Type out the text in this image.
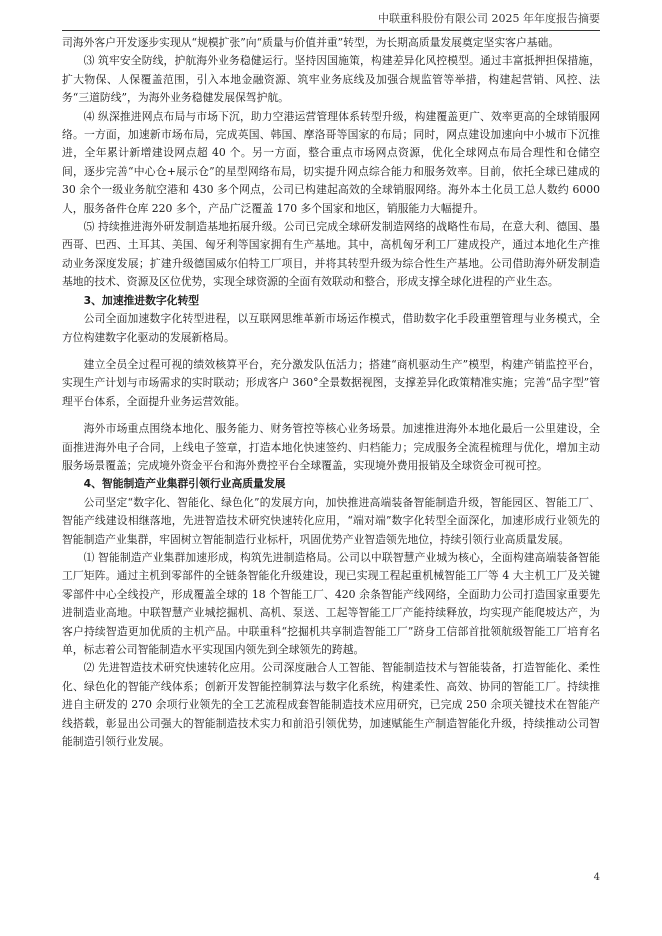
中联重科股份有限公司 2025 年年度报告摘要

司海外客户开发逐步实现从“规模扩张”向“质量与价值并重”转型，为长期高质量发展奠定坚实客户基础。

⑶ 筑牢安全防线，护航海外业务稳健运行。坚持因国施策，构建差异化风控模型。通过丰富抵押担保措施，扩大物保、人保覆盖范围，引入本地金融资源、筑牢业务底线及加强合规监管等举措，构建起营销、风控、法务“三道防线”，为海外业务稳健发展保驾护航。

⑷ 纵深推进网点布局与市场下沉，助力空港运营管理体系转型升级，构建覆盖更广、效率更高的全球销服网络。一方面，加速新市场布局，完成英国、韩国、摩洛哥等国家的布局；同时，网点建设加速向中小城市下沉推进，全年累计新增建设网点超 40 个。另一方面，整合重点市场网点资源，优化全球网点布局合理性和仓储空间，逐步完善“中心仓+展示仓”的星型网络布局，切实提升网点综合能力和服务效率。目前，依托全球已建成的 30 余个一级业务航空港和 430 多个网点，公司已构建起高效的全球销服网络。海外本土化员工总人数约 6000 人，服务备件仓库 220 多个，产品广泛覆盖 170 多个国家和地区，销服能力大幅提升。

⑸ 持续推进海外研发制造基地拓展升级。公司已完成全球研发制造网络的战略性布局，在意大利、德国、墨西哥、巴西、土耳其、美国、匈牙利等国家拥有生产基地。其中，高机匈牙利工厂建成投产，通过本地化生产推动业务深度发展；扩建升级德国威尔伯特工厂项目，并将其转型升级为综合性生产基地。公司借助海外研发制造基地的技术、资源及区位优势，实现全球资源的全面有效联动和整合，形成支撑全球化进程的产业生态。

3、加速推进数字化转型

公司全面加速数字化转型进程，以互联网思维革新市场运作模式，借助数字化手段重塑管理与业务模式，全方位构建数字化驱动的发展新格局。

建立全员全过程可视的绩效核算平台，充分激发队伍活力；搭建“商机驱动生产”模型，构建产销监控平台，实现生产计划与市场需求的实时联动；形成客户 360°全景数据视图，支撑差异化政策精准实施；完善“品字型”管理平台体系，全面提升业务运营效能。

海外市场重点围绕本地化、服务能力、财务管控等核心业务场景。加速推进海外本地化最后一公里建设，全面推进海外电子合同，上线电子签章，打造本地化快速签约、归档能力；完成服务全流程梳理与优化，增加主动服务场景覆盖；完成境外资金平台和海外费控平台全球覆盖，实现境外费用报销及全球资金可视可控。

4、智能制造产业集群引领行业高质量发展

公司坚定“数字化、智能化、绿色化”的发展方向，加快推进高端装备智能制造升级，智能园区、智能工厂、智能产线建设相继落地，先进智造技术研究快速转化应用，“端对端”数字化转型全面深化，加速形成行业领先的智能制造产业集群，牢固树立智能制造行业标杆，巩固优势产业智造领先地位，持续引领行业高质量发展。

⑴ 智能制造产业集群加速形成，构筑先进制造格局。公司以中联智慧产业城为核心，全面构建高端装备智能工厂矩阵。通过主机到零部件的全链条智能化升级建设，现已实现工程起重机械智能工厂等 4 大主机工厂及关键零部件中心全线投产，形成覆盖全球的 18 个智能工厂、420 余条智能产线网络，全面助力公司打造国家重要先进制造业高地。中联智慧产业城挖掘机、高机、泵送、工起等智能工厂产能持续释放，均实现产能爬坡达产，为客户持续智造更加优质的主机产品。中联重科“挖掘机共享制造智能工厂”跻身工信部首批领航级智能工厂培育名单，标志着公司智能制造水平实现国内领先到全球领先的跨越。

⑵ 先进智造技术研究快速转化应用。公司深度融合人工智能、智能制造技术与智能装备，打造智能化、柔性化、绿色化的智能产线体系；创新开发智能控制算法与数字化系统，构建柔性、高效、协同的智能工厂。持续推进自主研发的 270 余项行业领先的全工艺流程成套智能制造技术应用研究，已完成 250 余项关键技术在智能产线搭载，彰显出公司强大的智能制造技术实力和前沿引领优势，加速赋能生产制造智能化升级，持续推动公司智能制造引领行业发展。

4
